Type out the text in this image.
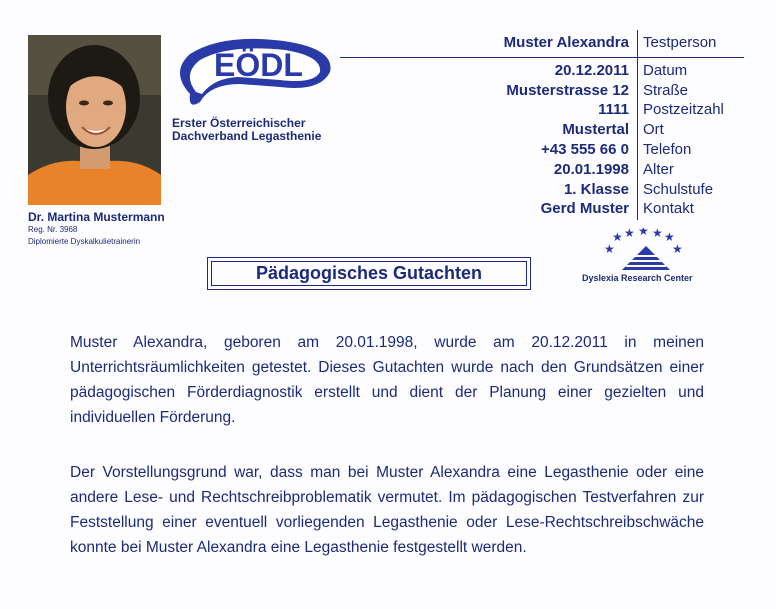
Dr. Martina Mustermann
Reg. Nr. 3968
Diplomierte Dyskalkulietrainerin
EÖDL
Erster Österreichischer
Dachverband Legasthenie
Muster Alexandra Testperson
20.12.2011 Datum
Musterstrasse 12 Straße
1111 Postzeitzahl
Mustertal Ort
+43 555 66 0 Telefon
20.01.1998 Alter
1. Klasse Schulstufe
Gerd Muster Kontakt
★ ★ ★ ★ ★
★	★
Dyslexia Research Center
Pädagogisches Gutachten
Muster Alexandra, geboren am 20.01.1998, wurde am 20.12.2011 in meinen Unterrichtsräumlichkeiten getestet. Dieses Gutachten wurde nach den Grundsätzen einer pädagogischen Förderdiagnostik erstellt und dient der Planung einer gezielten und individuellen Förderung.
Der Vorstellungsgrund war, dass man bei Muster Alexandra eine Legasthenie oder eine andere Lese- und Rechtschreibproblematik vermutet. Im pädagogischen Testverfahren zur Feststellung einer eventuell vorliegenden Legasthenie oder Lese-Rechtschreibschwäche konnte bei Muster Alexandra eine Legasthenie festgestellt werden.
